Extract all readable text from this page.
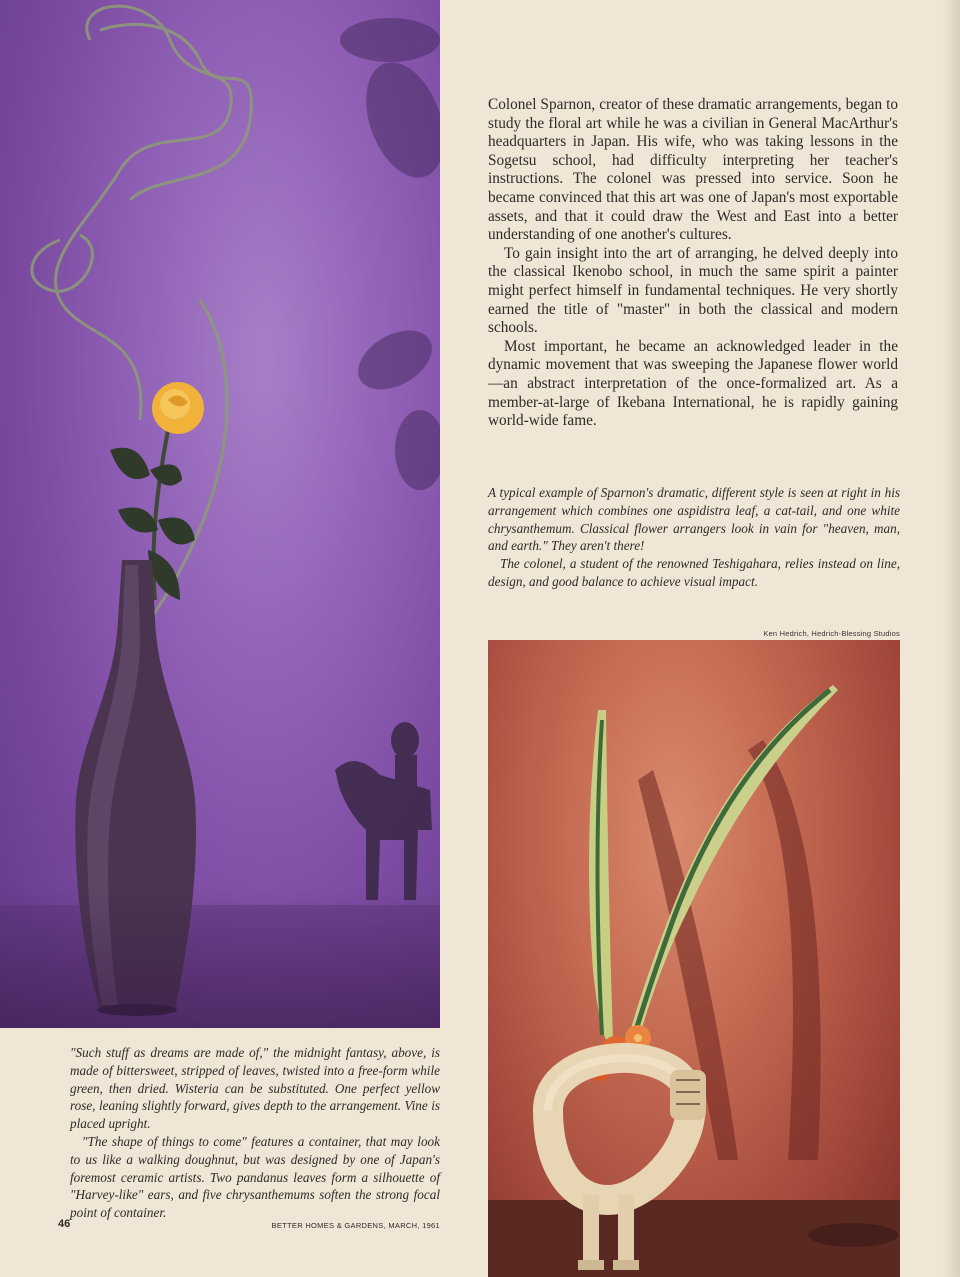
Colonel Sparnon, creator of these dramatic arrangements, began to study the floral art while he was a civilian in General MacArthur's headquarters in Japan. His wife, who was taking lessons in the Sogetsu school, had difficulty interpreting her teacher's instructions. The colonel was pressed into service. Soon he became convinced that this art was one of Japan's most exportable assets, and that it could draw the West and East into a better understanding of one another's cultures.

To gain insight into the art of arranging, he delved deeply into the classical Ikenobo school, in much the same spirit a painter might perfect himself in fundamental techniques. He very shortly earned the title of "master" in both the classical and modern schools.

Most important, he became an acknowledged leader in the dynamic movement that was sweeping the Japanese flower world—an abstract interpretation of the once-formalized art. As a member-at-large of Ikebana International, he is rapidly gaining world-wide fame.

A typical example of Sparnon's dramatic, different style is seen at right in his arrangement which combines one aspidistra leaf, a cat-tail, and one white chrysanthemum. Classical flower arrangers look in vain for "heaven, man, and earth." They aren't there!

The colonel, a student of the renowned Teshigahara, relies instead on line, design, and good balance to achieve visual impact.

Ken Hedrich, Hedrich-Blessing Studios

"Such stuff as dreams are made of," the midnight fantasy, above, is made of bittersweet, stripped of leaves, twisted into a free-form while green, then dried. Wisteria can be substituted. One perfect yellow rose, leaning slightly forward, gives depth to the arrangement. Vine is placed upright.

"The shape of things to come" features a container, that may look to us like a walking doughnut, but was designed by one of Japan's foremost ceramic artists. Two pandanus leaves form a silhouette of "Harvey-like" ears, and five chrysanthemums soften the strong focal point of container.

46	BETTER HOMES & GARDENS, MARCH, 1961
